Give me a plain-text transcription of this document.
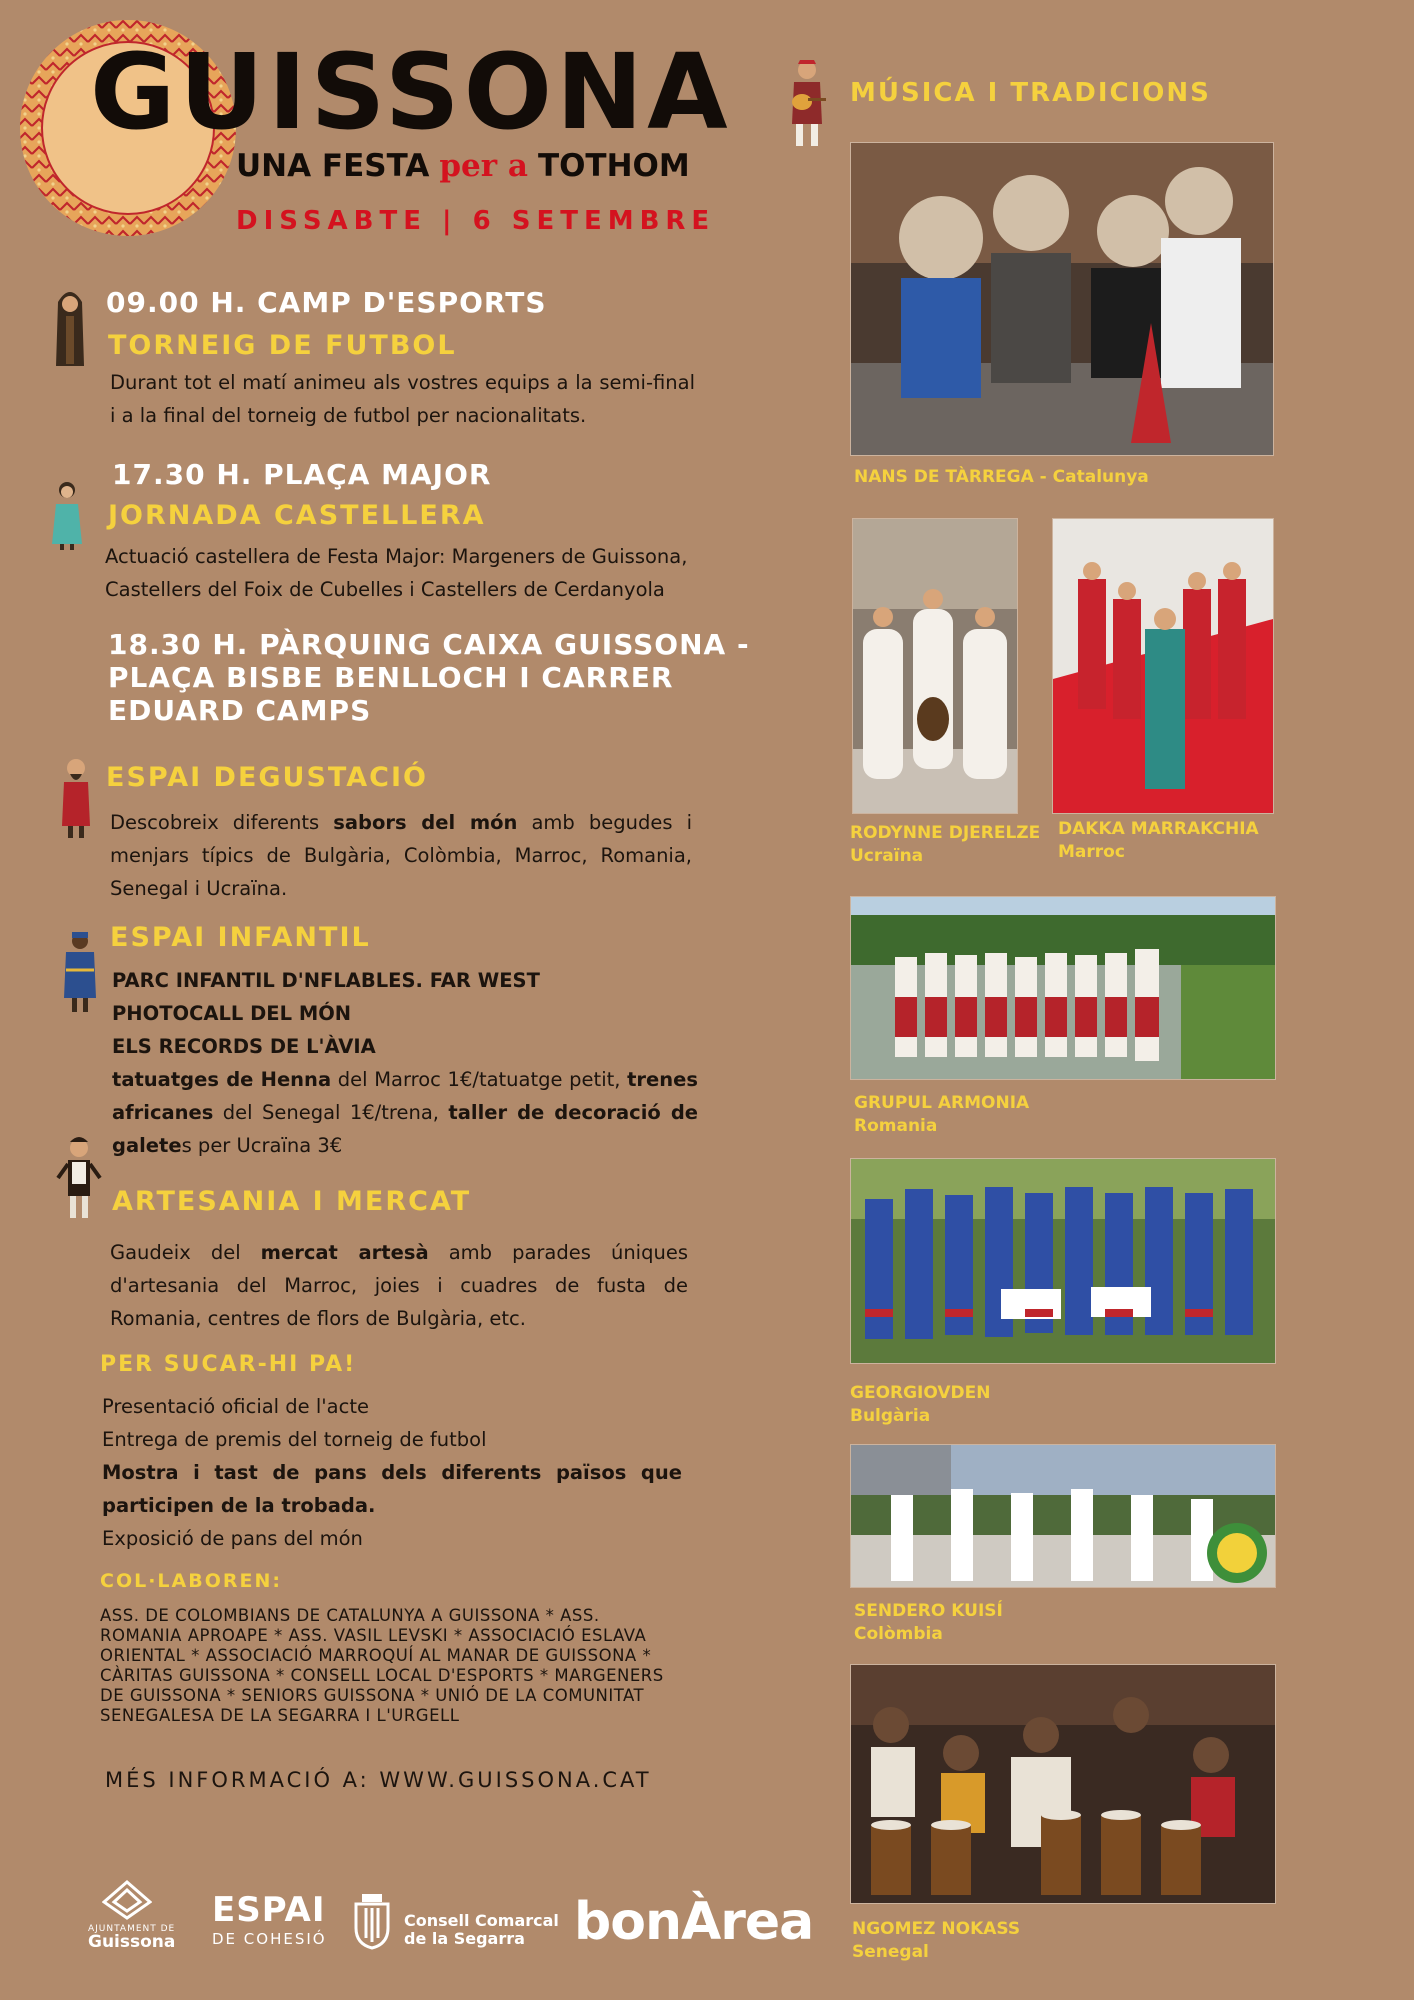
GUISSONA
UNA FESTA per a TOTHOM
DISSABTE | 6 SETEMBRE
09.00 H. CAMP D'ESPORTS
TORNEIG DE FUTBOL
Durant tot el matí animeu als vostres equips a la semi-final i a la final del torneig de futbol per nacionalitats.
17.30 H. PLAÇA MAJOR
JORNADA CASTELLERA
Actuació castellera de Festa Major: Margeners de Guissona, Castellers del Foix de Cubelles i Castellers de Cerdanyola
18.30 H. PÀRQUING CAIXA GUISSONA -
PLAÇA BISBE BENLLOCH I CARRER
EDUARD CAMPS
ESPAI DEGUSTACIÓ
Descobreix diferents sabors del món amb begudes i menjars típics de Bulgària, Colòmbia, Marroc, Romania, Senegal i Ucraïna.
ESPAI INFANTIL
PARC INFANTIL D'NFLABLES. FAR WEST
PHOTOCALL DEL MÓN
ELS RECORDS DE L'ÀVIA
tatuatges de Henna del Marroc 1€/tatuatge petit, trenes africanes del Senegal 1€/trena, taller de decoració de galetes per Ucraïna 3€
ARTESANIA I MERCAT
Gaudeix del mercat artesà amb parades úniques d'artesania del Marroc, joies i cuadres de fusta de Romania, centres de flors de Bulgària, etc.
PER SUCAR-HI PA!
Presentació oficial de l'acte
Entrega de premis del torneig de futbol
Mostra i tast de pans dels diferents països que participen de la trobada.
Exposició de pans del món
COL·LABOREN:
ASS. DE COLOMBIANS DE CATALUNYA A GUISSONA * ASS. ROMANIA APROAPE * ASS. VASIL LEVSKI * ASSOCIACIÓ ESLAVA ORIENTAL * ASSOCIACIÓ MARROQUÍ AL MANAR DE GUISSONA * CÀRITAS GUISSONA * CONSELL LOCAL D'ESPORTS * MARGENERS DE GUISSONA * SENIORS GUISSONA * UNIÓ DE LA COMUNITAT SENEGALESA DE LA SEGARRA I L'URGELL
MÉS INFORMACIÓ A: WWW.GUISSONA.CAT
AJUNTAMENT DE
Guissona
ESPAI
DE COHESIÓ
Consell Comarcal
de la Segarra bonÀrea
MÚSICA I TRADICIONS
NANS DE TÀRREGA - Catalunya
RODYNNE DJERELZE
Ucraïna
DAKKA MARRAKCHIA
Marroc
GRUPUL ARMONIA
Romania
GEORGIOVDEN
Bulgària
SENDERO KUISÍ
Colòmbia
NGOMEZ NOKASS
Senegal
